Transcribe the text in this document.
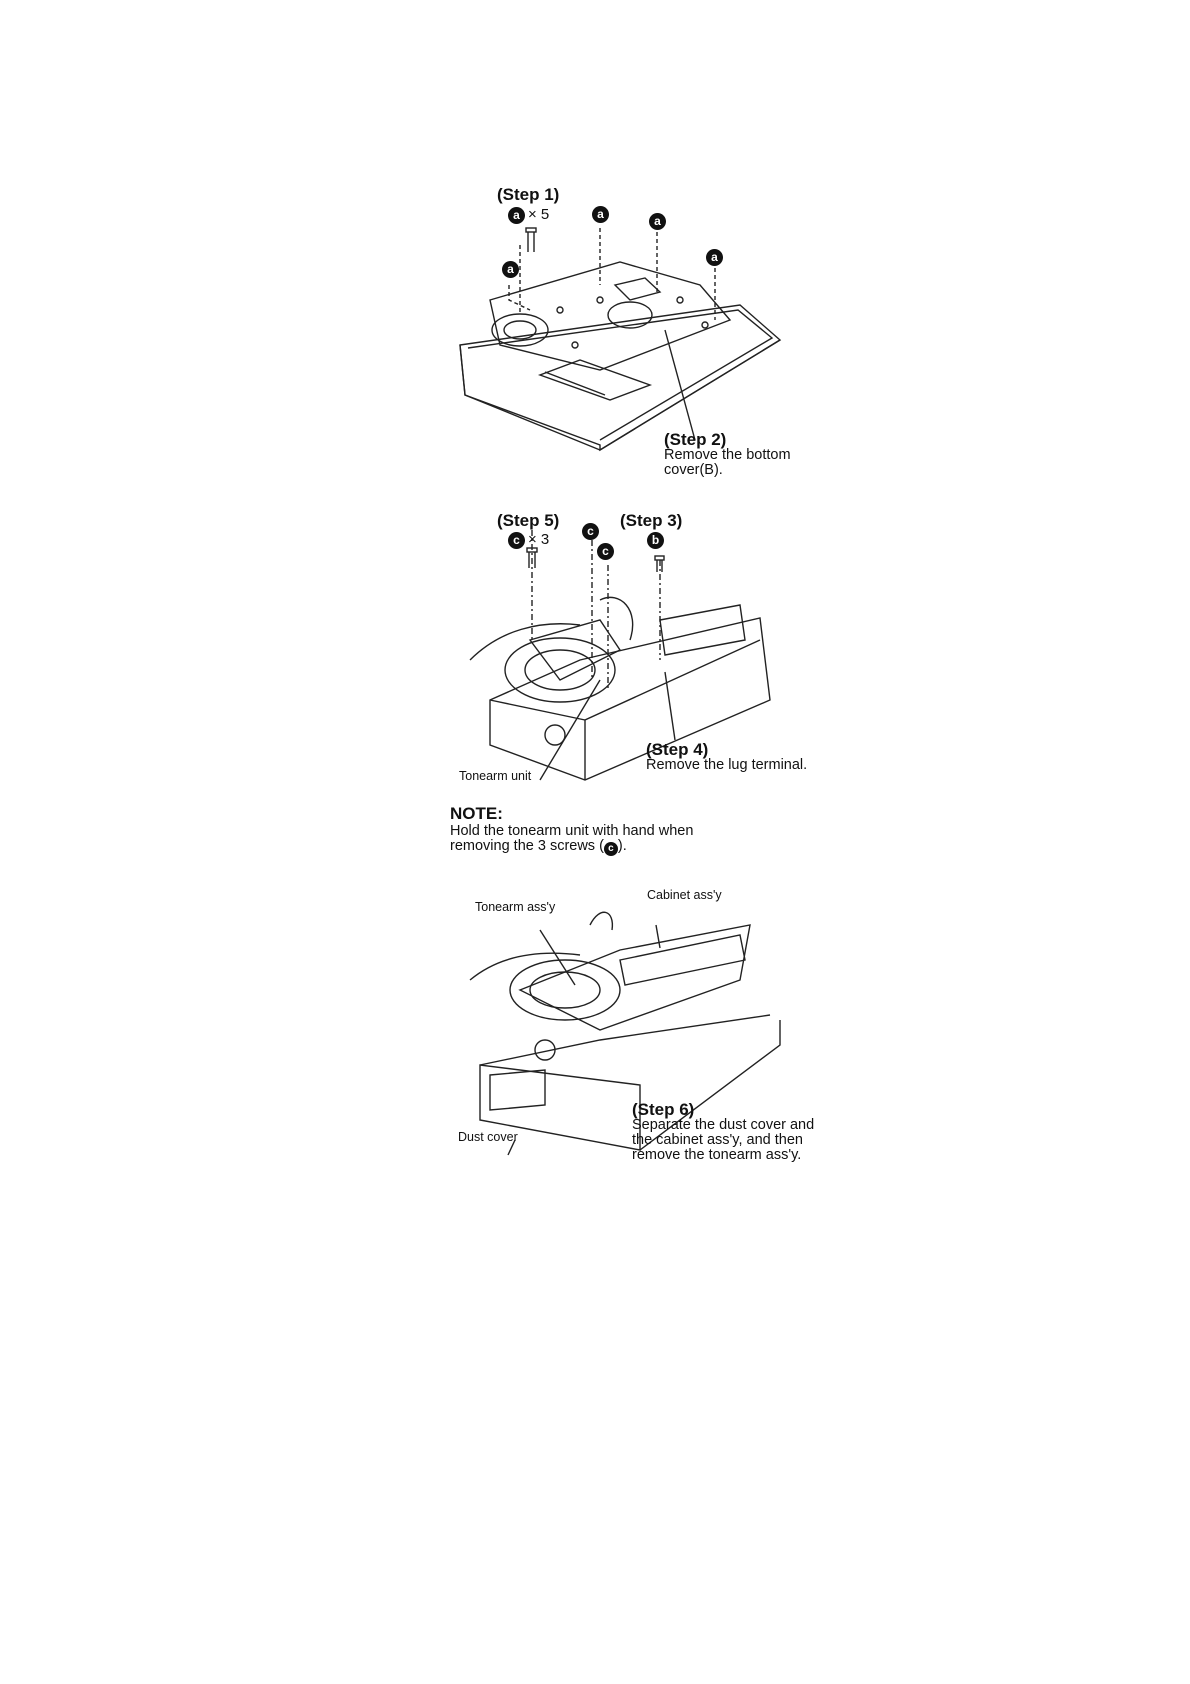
(Step 1)
a × 5	a	a
a
a
(Step 2)
Remove the bottom
cover(B).
(Step 5)
c × 3	c
c
(Step 3)
b
(Step 4)
Remove the lug terminal.
Tonearm unit
NOTE:
Hold the tonearm unit with hand when
removing the 3 screws ( c ).
Tonearm ass'y
Cabinet ass'y
Dust cover
(Step 6)
Separate the dust cover and
the cabinet ass'y, and then
remove the tonearm ass'y.
